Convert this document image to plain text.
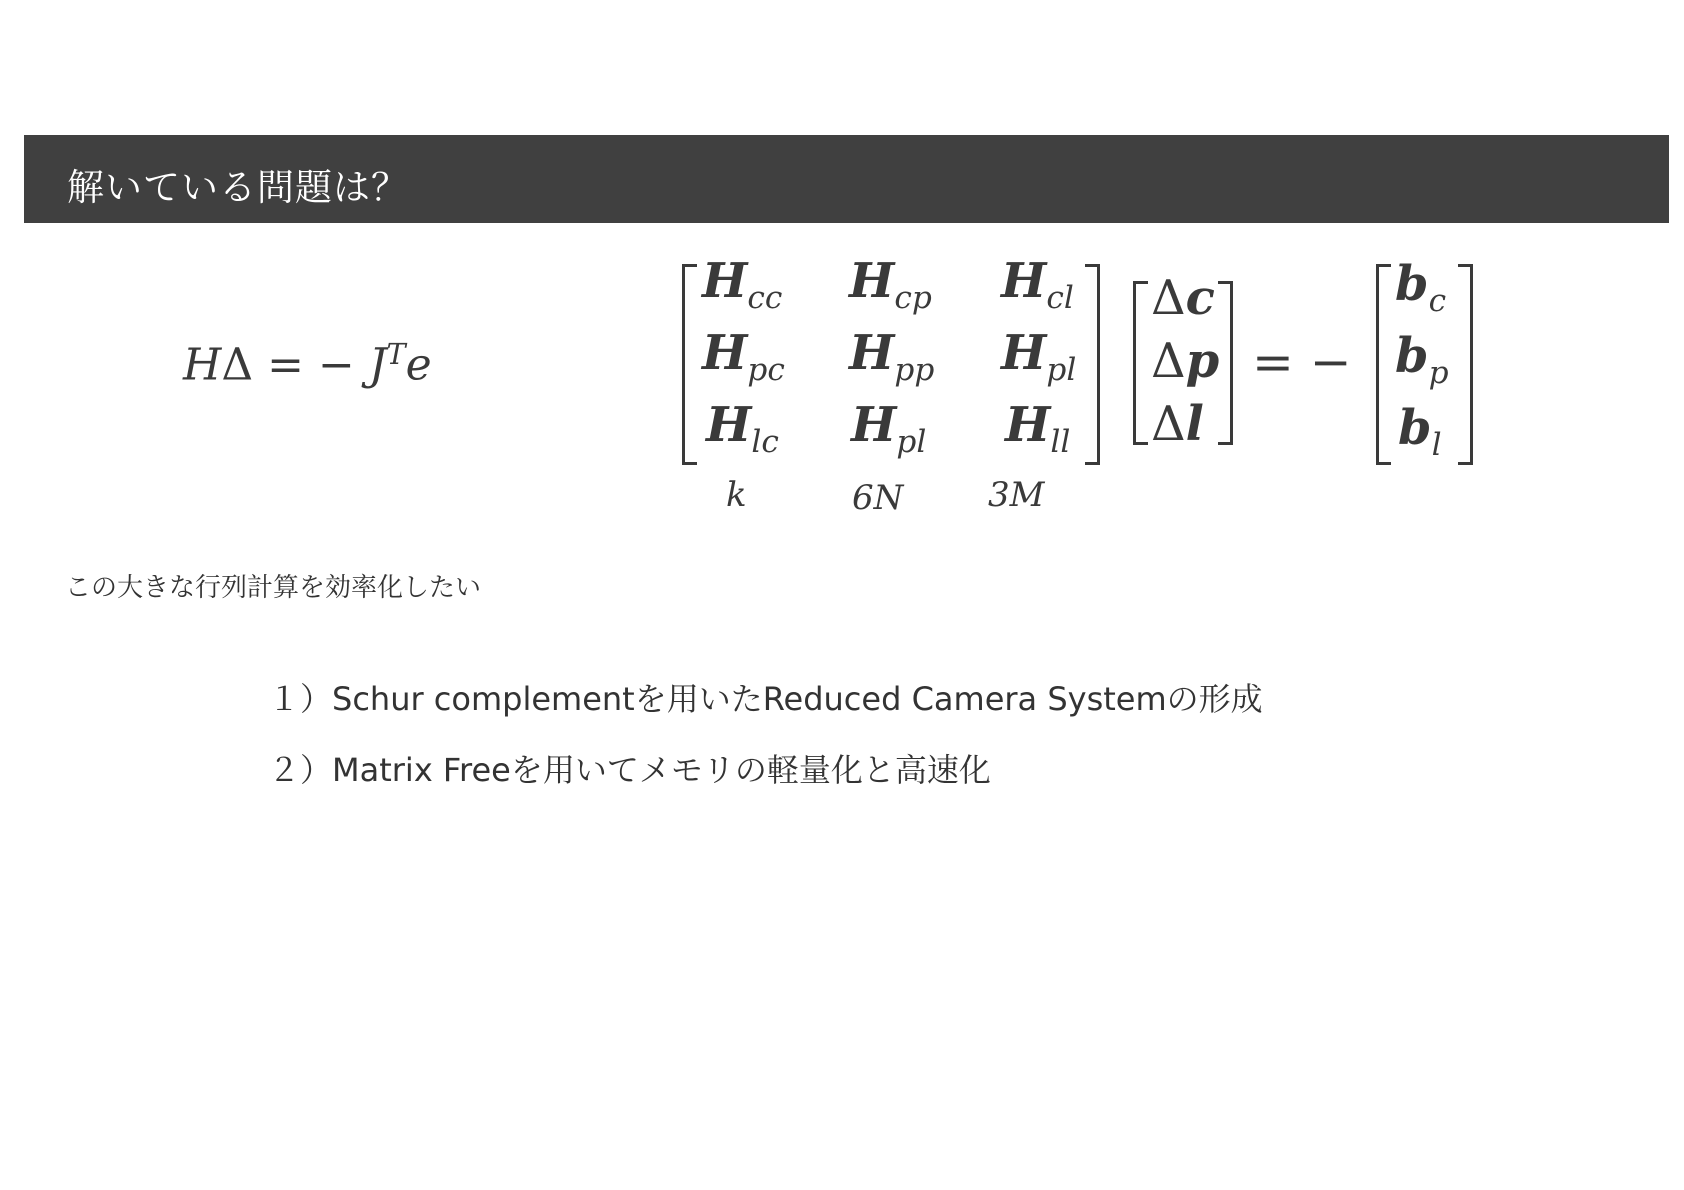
解いている問題は？
HΔ = − $J^Te$
$H_{cc}$ $H_{cp}$ $H_{cl}$
$H_{pc}$ $H_{pp}$ $H_{pl}$
$H_{lc}$ $H_{pl}$ $H_{ll}$
k	6N 3M
Δc
Δp
Δl
= −
$b_c$
$b_p$
$b_l$
この大きな行列計算を効率化したい
１）Schur complementを用いたReduced Camera Systemの形成
２）Matrix Freeを用いてメモリの軽量化と高速化
